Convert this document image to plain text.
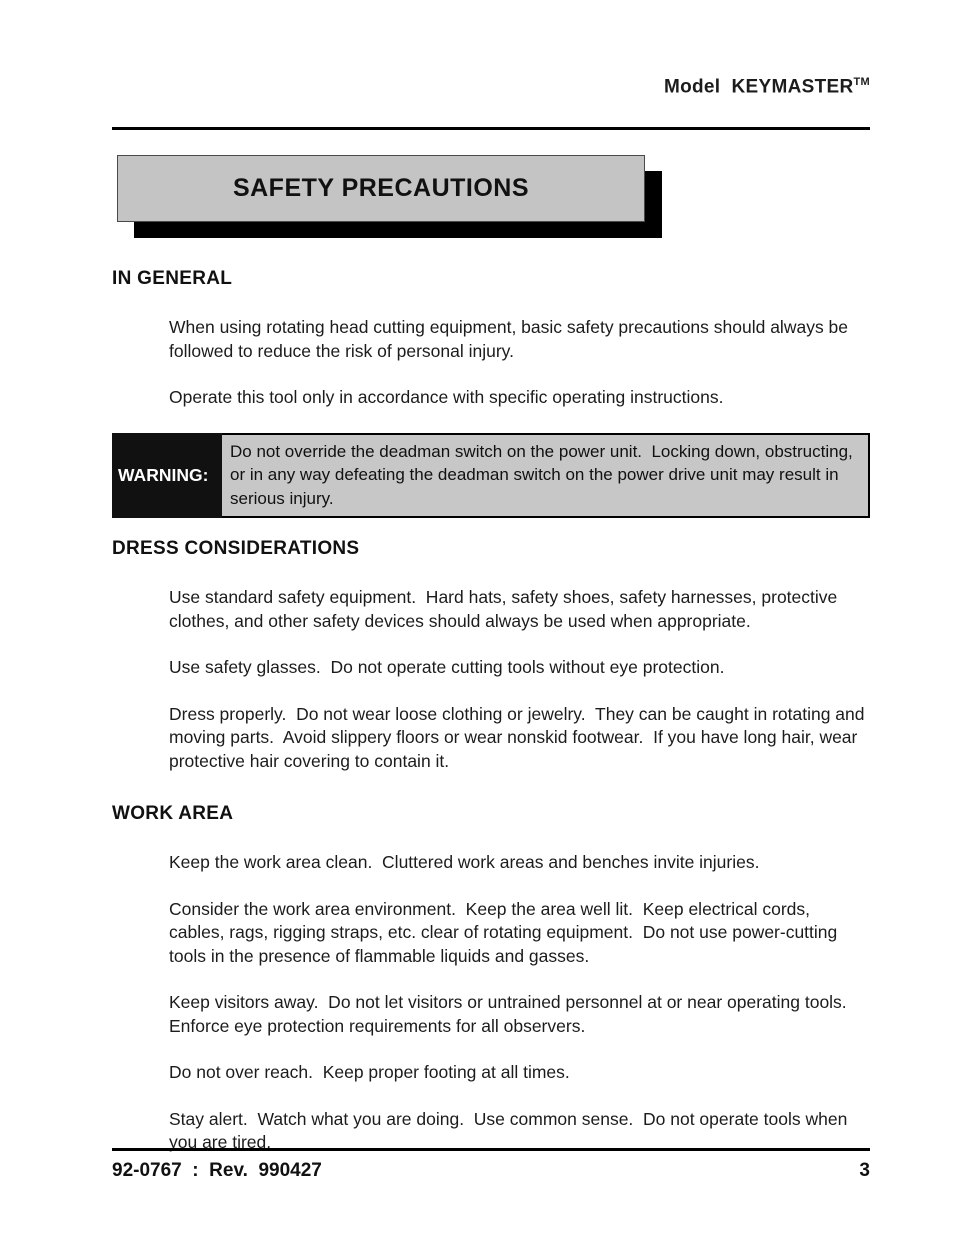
Model  KEYMASTER™

SAFETY PRECAUTIONS
IN GENERAL
When using rotating head cutting equipment, basic safety precautions should always be followed to reduce the risk of personal injury.
Operate this tool only in accordance with specific operating instructions.
WARNING:
Do not override the deadman switch on the power unit.  Locking down, obstructing, or in any way defeating the deadman switch on the power drive unit may result in serious injury.
DRESS CONSIDERATIONS
Use standard safety equipment.  Hard hats, safety shoes, safety harnesses, protective clothes, and other safety devices should always be used when appropriate.
Use safety glasses.  Do not operate cutting tools without eye protection.
Dress properly.  Do not wear loose clothing or jewelry.  They can be caught in rotating and moving parts.  Avoid slippery floors or wear nonskid footwear.  If you have long hair, wear protective hair covering to contain it.
WORK AREA
Keep the work area clean.  Cluttered work areas and benches invite injuries.
Consider the work area environment.  Keep the area well lit.  Keep electrical cords, cables, rags, rigging straps, etc. clear of rotating equipment.  Do not use power-cutting tools in the presence of flammable liquids and gasses.
Keep visitors away.  Do not let visitors or untrained personnel at or near operating tools.  Enforce eye protection requirements for all observers.
Do not over reach.  Keep proper footing at all times.
Stay alert.  Watch what you are doing.  Use common sense.  Do not operate tools when you are tired.
92-0767  :  Rev.  990427	3
